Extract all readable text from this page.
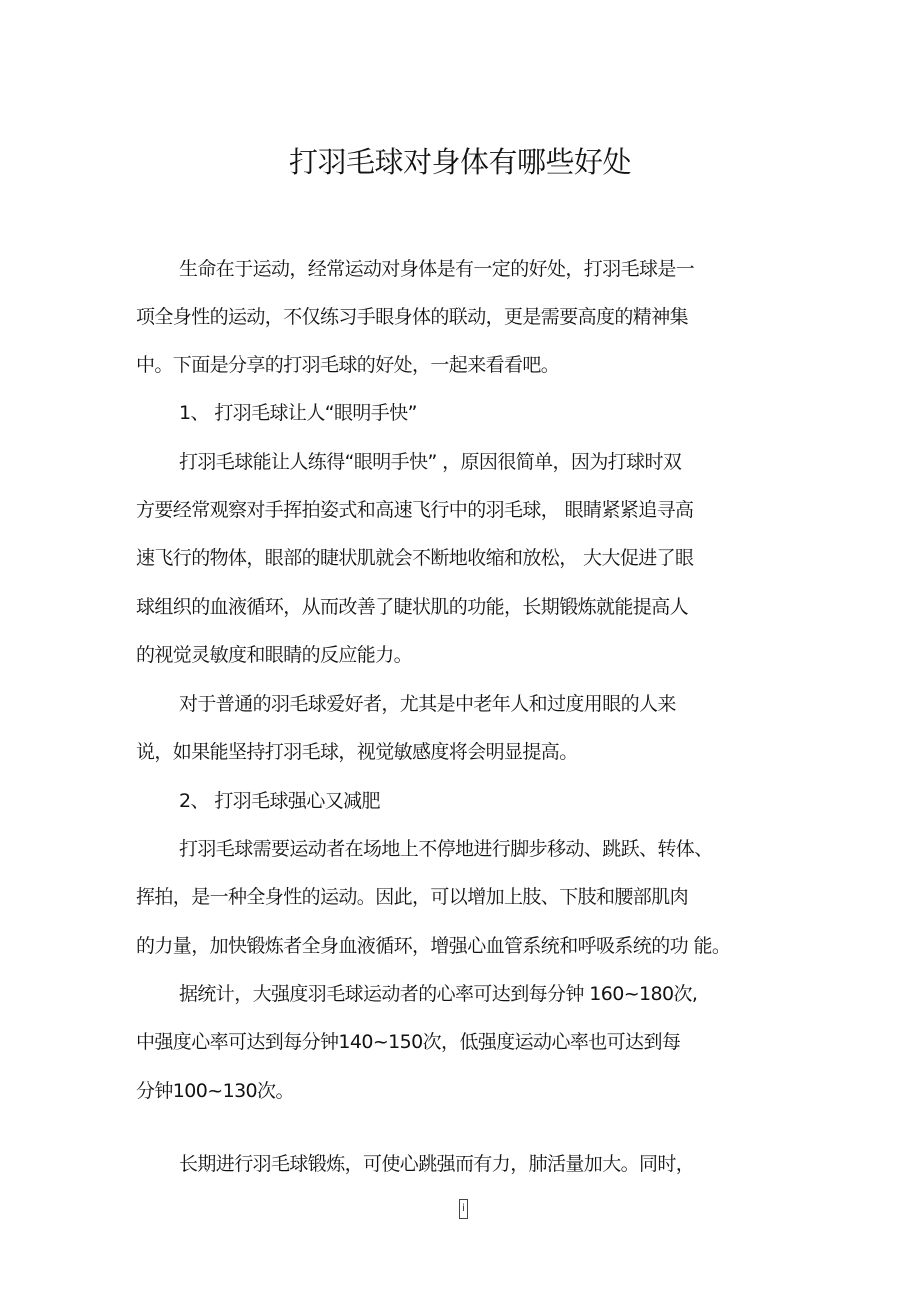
打羽毛球对身体有哪些好处
生命在于运动，经常运动对身体是有一定的好处，打羽毛球是一
项全身性的运动，不仅练习手眼身体的联动，更是需要高度的精神集
中。下面是分享的打羽毛球的好处，一起来看看吧。
1、 打羽毛球让人“眼明手快”
打羽毛球能让人练得“眼明手快” ，原因很简单，因为打球时双
方要经常观察对手挥拍姿式和高速飞行中的羽毛球， 眼睛紧紧追寻高
速飞行的物体，眼部的睫状肌就会不断地收缩和放松， 大大促进了眼
球组织的血液循环，从而改善了睫状肌的功能，长期锻炼就能提高人
的视觉灵敏度和眼睛的反应能力。
对于普通的羽毛球爱好者，尤其是中老年人和过度用眼的人来
说，如果能坚持打羽毛球，视觉敏感度将会明显提高。
2、 打羽毛球强心又减肥
打羽毛球需要运动者在场地上不停地进行脚步移动、跳跃、转体、
挥拍，是一种全身性的运动。因此，可以增加上肢、下肢和腰部肌肉
的力量，加快锻炼者全身血液循环，增强心血管系统和呼吸系统的功 能。
据统计，大强度羽毛球运动者的心率可达到每分钟 160~180次,
中强度心率可达到每分钟140~150次，低强度运动心率也可达到每
分钟100~130次。
长期进行羽毛球锻炼，可使心跳强而有力，肺活量加大。同时，
i
